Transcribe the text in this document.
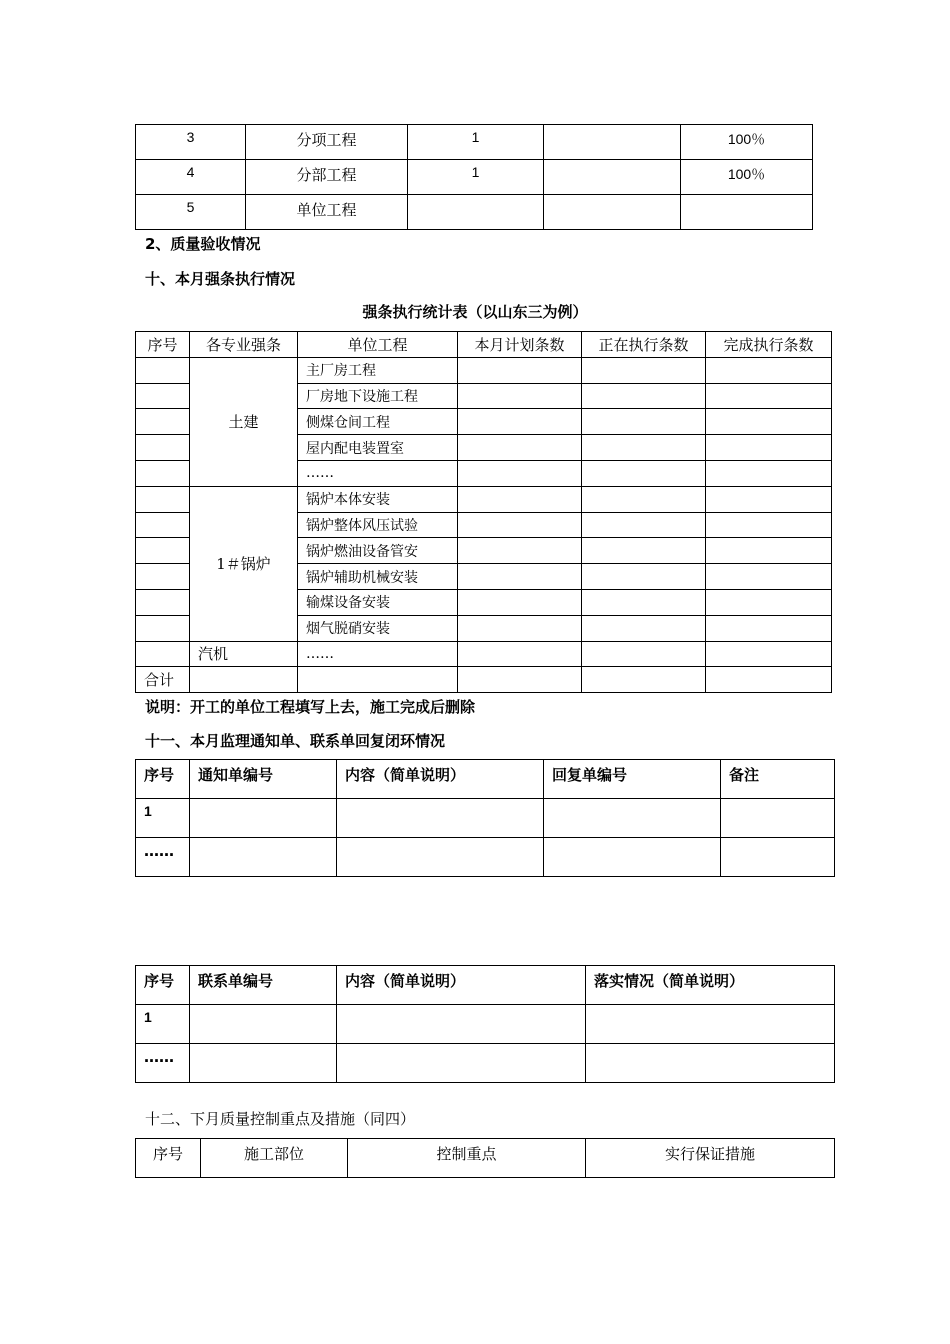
3	分项工程	1		100％
4	分部工程	1		100％
5	单位工程			
2、质量验收情况
十、本月强条执行情况
强条执行统计表（以山东三为例）
序号	各专业强条	单位工程	本月计划条数	正在执行条数	完成执行条数
	土建	主厂房工程			
		厂房地下设施工程			
		侧煤仓间工程			
		屋内配电装置室			
		……			
	1＃锅炉	锅炉本体安装			
		锅炉整体风压试验			
		锅炉燃油设备管安			
		锅炉辅助机械安装			
		输煤设备安装			
		烟气脱硝安装			
	汽机	……			
合计					
说明：开工的单位工程填写上去，施工完成后删除
十一、本月监理通知单、联系单回复闭环情况
序号	通知单编号	内容（简单说明）	回复单编号	备注
1				
……				
序号	联系单编号	内容（简单说明）	落实情况（简单说明）
1			
……			
十二、下月质量控制重点及措施（同四）
序号	施工部位	控制重点	实行保证措施
